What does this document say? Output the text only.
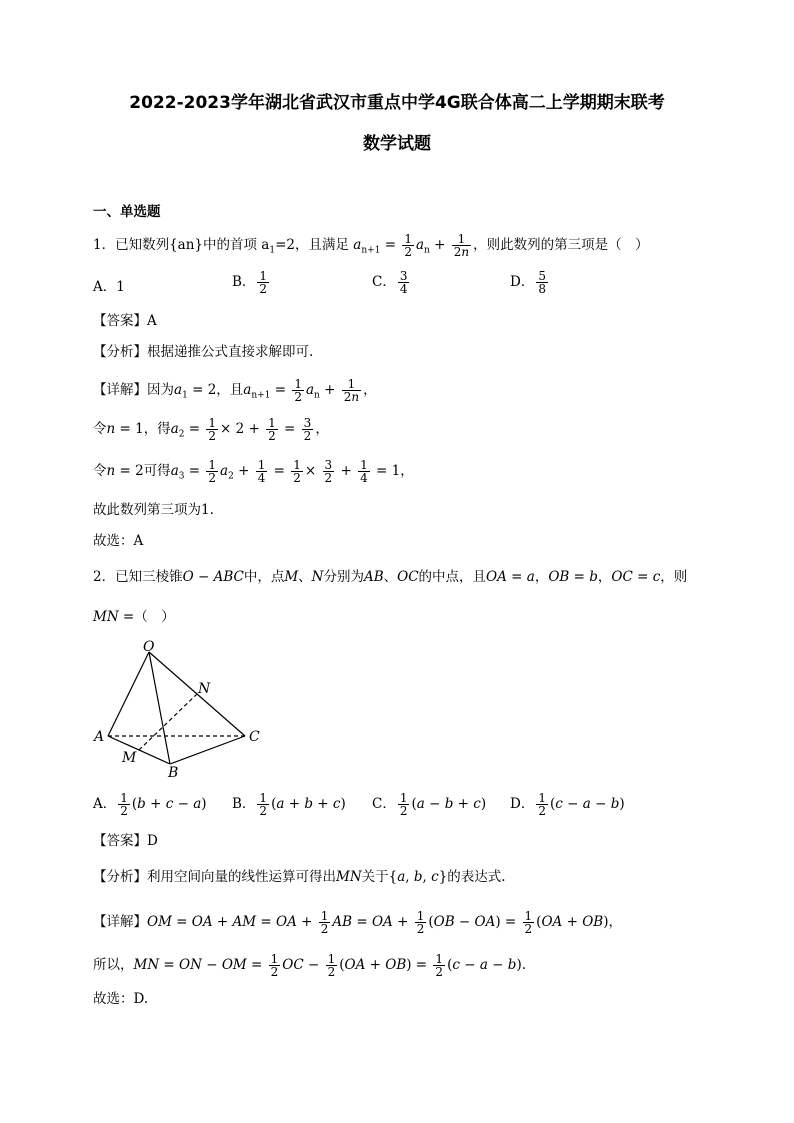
2022-2023学年湖北省武汉市重点中学4G联合体高二上学期期末联考
数学试题
一、单选题
1．已知数列{an}中的首项 $a_1=2$，且满足 $a_{n+1} = \frac{1}{2} a_n + \frac{1}{2n}$ ，则此数列的第三项是（　）
A．1	B． $\frac{1}{2}$	C． $\frac{3}{4}$	D． $\frac{5}{8}$
【答案】A
【分析】根据递推公式直接求解即可.
【详解】因为$a_1 = 2$，且$a_{n+1} = \frac{1}{2} a_n + \frac{1}{2n}$ ，
令n = 1，得$a_2 = \frac{1}{2} \times 2 + \frac{1}{2} = \frac{3}{2}$ ，
令n = 2可得$a_3 = \frac{1}{2} a_2 + \frac{1}{4} = \frac{1}{2} \times \frac{3}{2} + \frac{1}{4} = 1$，
故此数列第三项为1.
故选：A
2．已知三棱锥O − ABC中，点M、N分别为AB、OC的中点，且OA = a，OB = b，OC = c，则
MN =（　）
O
N
A	C
M
B
A． $\frac{1}{2} (b + c - a)$ B． $\frac{1}{2} (a + b + c)$ C． $\frac{1}{2} (a - b + c)$ D． $\frac{1}{2} (c - a - b)$
【答案】D
【分析】利用空间向量的线性运算可得出MN关于{a, b, c}的表达式.
【详解】OM = OA + AM = OA + $\frac{1}{2}$ AB = OA + $\frac{1}{2} (OB - OA) = \frac{1}{2} (OA + OB)$，
所以，MN = ON − OM = $\frac{1}{2}$ OC − $\frac{1}{2} (OA + OB) = \frac{1}{2} (c - a - b)$.
故选：D.
